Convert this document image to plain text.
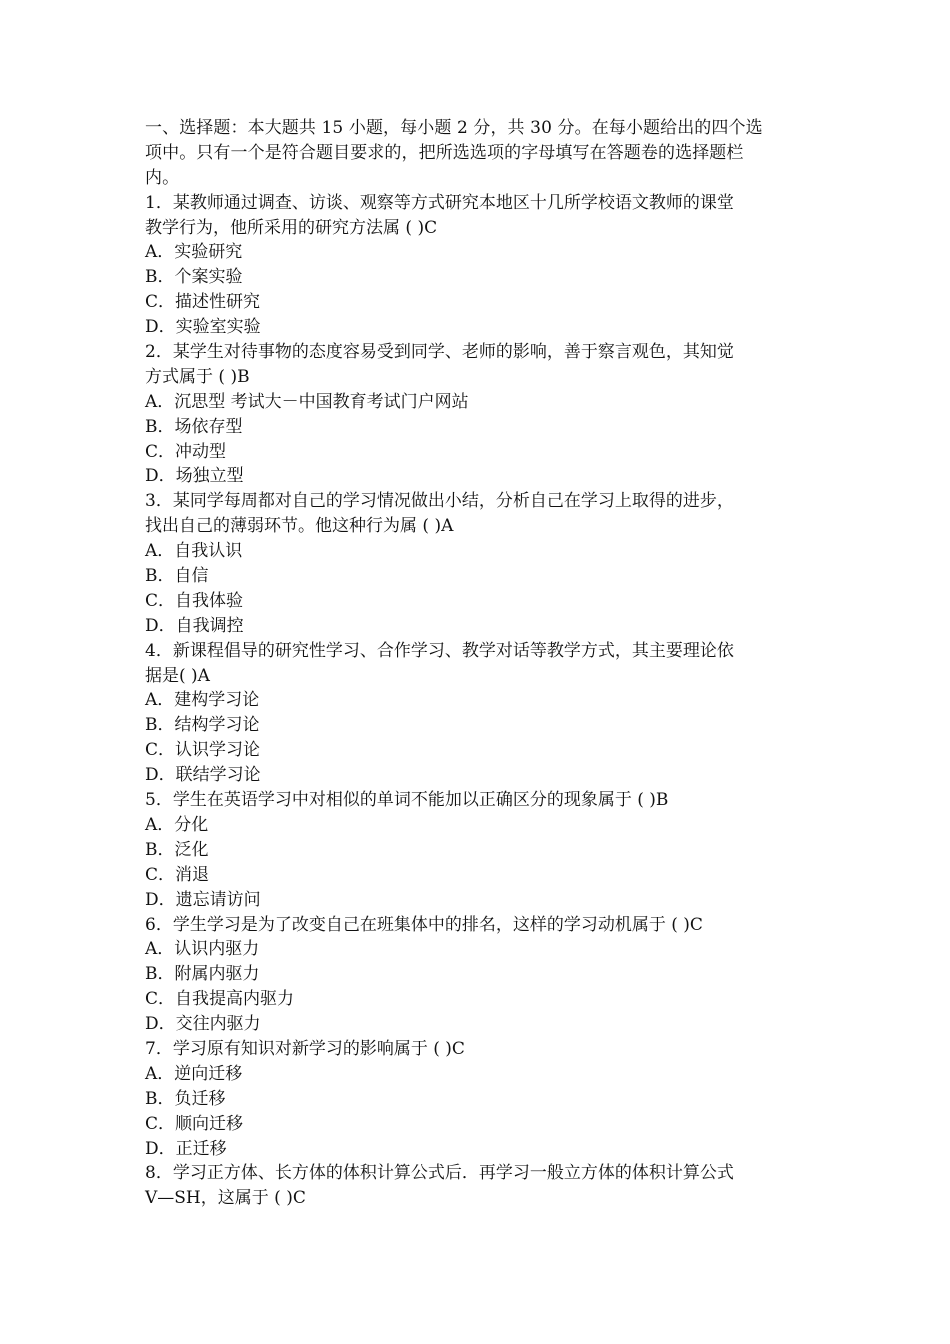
一、选择题：本大题共 15 小题，每小题 2 分，共 30 分。在每小题给出的四个选
项中。只有一个是符合题目要求的，把所选选项的字母填写在答题卷的选择题栏
内。
1．某教师通过调查、访谈、观察等方式研究本地区十几所学校语文教师的课堂
教学行为，他所采用的研究方法属 ( )C
A．实验研究
B．个案实验
C．描述性研究
D．实验室实验
2．某学生对待事物的态度容易受到同学、老师的影响，善于察言观色，其知觉
方式属于 ( )B
A．沉思型 考试大－中国教育考试门户网站
B．场依存型
C．冲动型
D．场独立型
3．某同学每周都对自己的学习情况做出小结，分析自己在学习上取得的进步，
找出自己的薄弱环节。他这种行为属 ( )A
A．自我认识
B．自信
C．自我体验
D．自我调控
4．新课程倡导的研究性学习、合作学习、教学对话等教学方式，其主要理论依
据是( )A
A．建构学习论
B．结构学习论
C．认识学习论
D．联结学习论
5．学生在英语学习中对相似的单词不能加以正确区分的现象属于 ( )B
A．分化
B．泛化
C．消退
D．遗忘请访问
6．学生学习是为了改变自己在班集体中的排名，这样的学习动机属于 ( )C
A．认识内驱力
B．附属内驱力
C．自我提高内驱力
D．交往内驱力
7．学习原有知识对新学习的影响属于 ( )C
A．逆向迁移
B．负迁移
C．顺向迁移
D．正迁移
8．学习正方体、长方体的体积计算公式后．再学习一般立方体的体积计算公式
V—SH，这属于 ( )C
